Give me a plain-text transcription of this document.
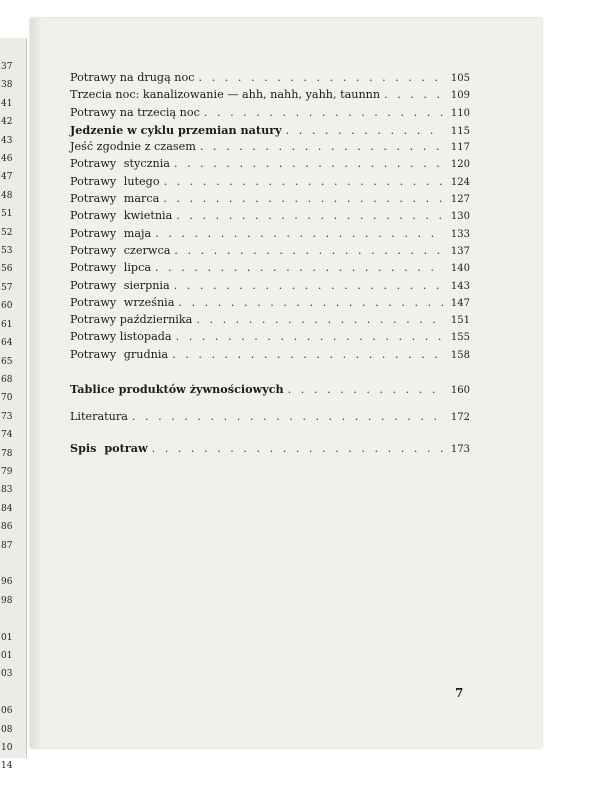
37
38
41
42
43
46
47
48
51
52
53
56
57
60
61
64
65
68
70
73
74
78
79
83
84
86
87

96
98

01
01
03

06
08
10
14
Potrawy na drugą noc . . .	105
Trzecia noc: kanalizowanie — ahh, nahh, yahh, taunnn . . .	109
Potrawy na trzecią noc . . .	110
Jedzenie w cyklu przemian natury . . .	115
Jeść zgodnie z czasem . . .	117
Potrawy stycznia . . .	120
Potrawy lutego . . .	124
Potrawy marca . . .	127
Potrawy kwietnia . . .	130
Potrawy maja . . .	133
Potrawy czerwca . . .	137
Potrawy lipca . . .	140
Potrawy sierpnia . . .	143
Potrawy września . . .	147
Potrawy października . . .	151
Potrawy listopada . . .	155
Potrawy grudnia . . .	158
Tablice produktów żywnościowych . . .	160
Literatura . . .	172
Spis potraw . . .	173
7
